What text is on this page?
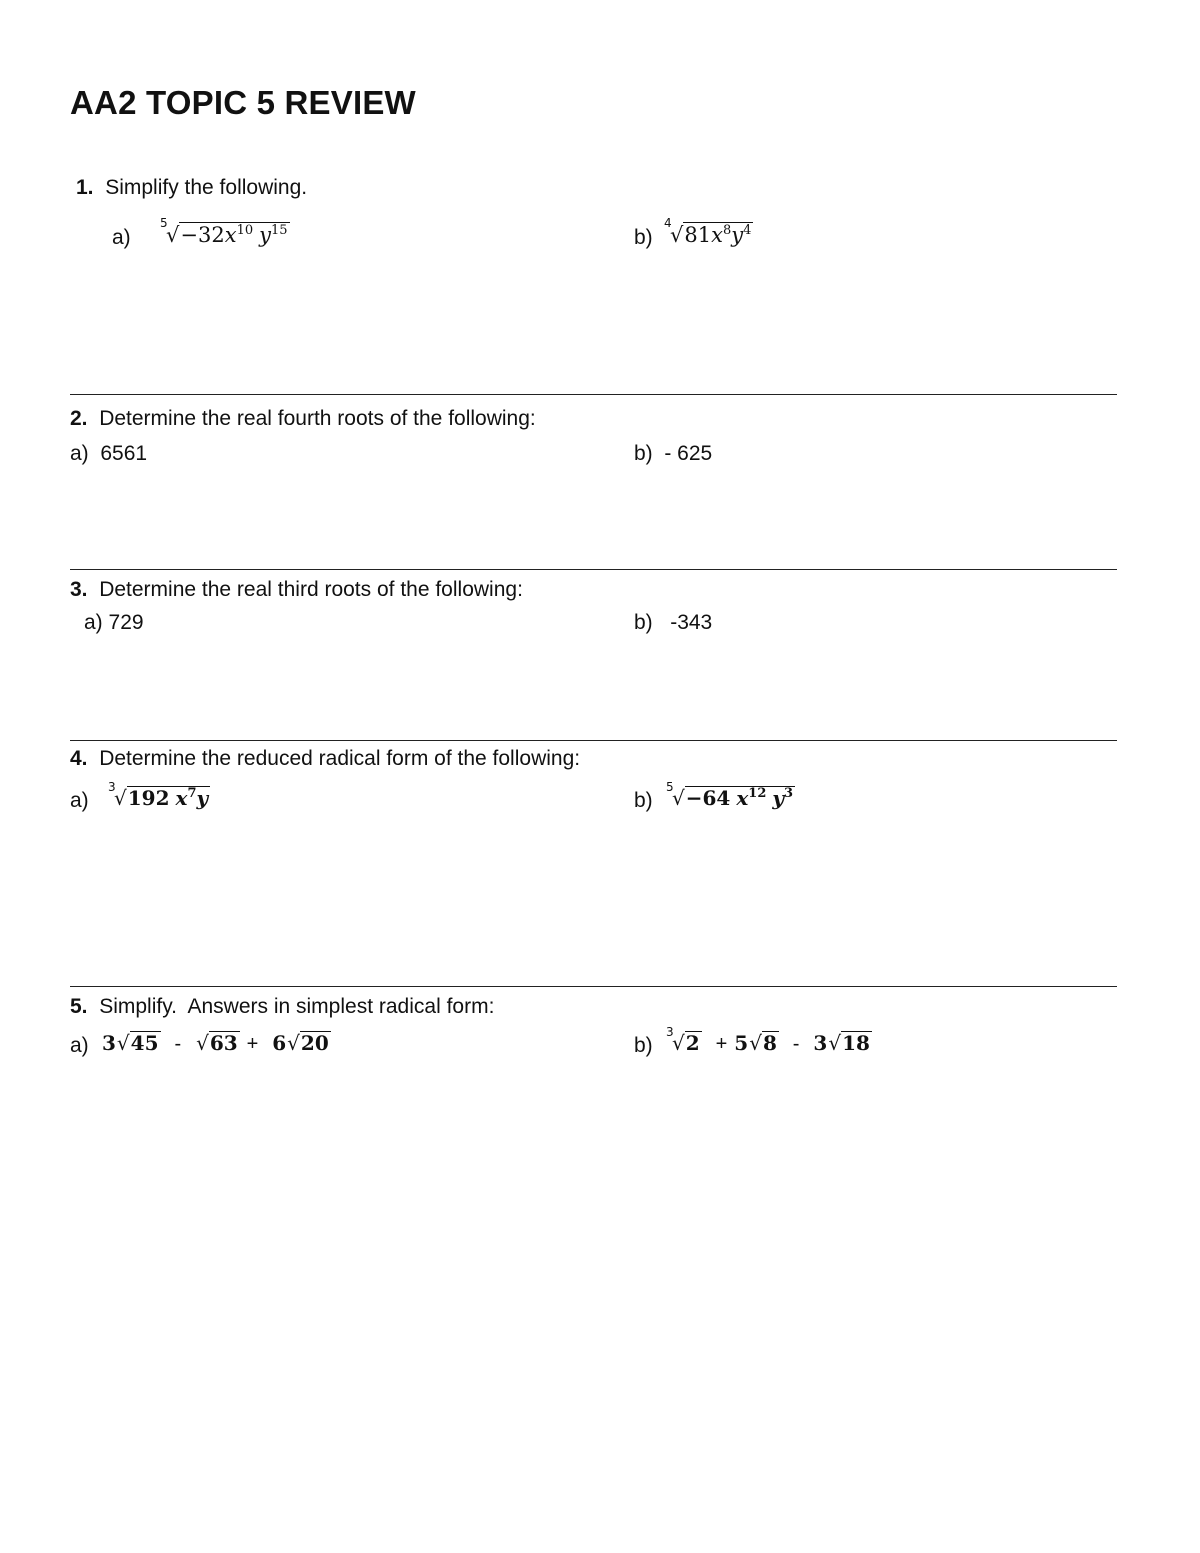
AA2 TOPIC 5 REVIEW
1. Simplify the following.
a)
5
$√-32x^{10}$ $y^{15}$	b)
4
$√81x^8y^4$
2. Determine the real fourth roots of the following:
a) 6561	b) - 625
3. Determine the real third roots of the following:
a) 729	b) -343
4. Determine the reduced radical form of the following:
a)
3
√192 $x^7y$	b)
5
√−64 $x^{12}$ $y^3$
5. Simplify.  Answers in simplest radical form:
a) 3√45 - √63 + 6√20	b)
3
√2 + 5√8 - 3√18
